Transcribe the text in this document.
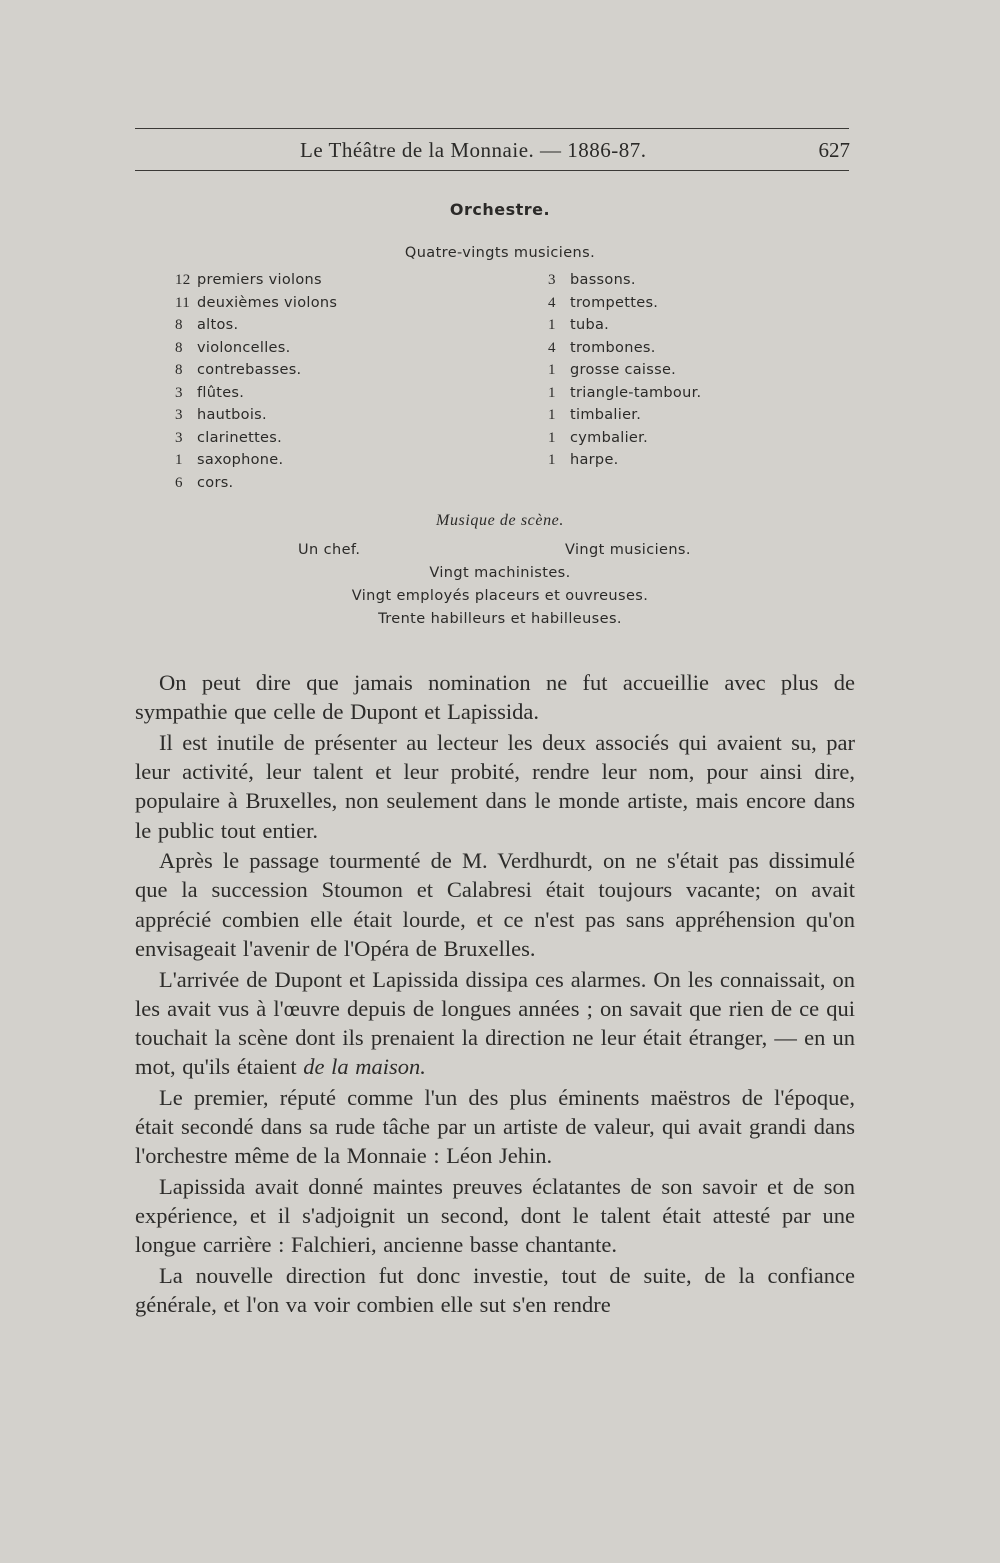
Le Théâtre de la Monnaie. — 1886-87.	627
Orchestre.
Quatre-vingts musiciens.
12 premiers violons
11 deuxièmes violons
8 altos.
8 violoncelles.
8 contrebasses.
3 flûtes.
3 hautbois.
3 clarinettes.
1 saxophone.
6 cors.
3 bassons.
4 trompettes.
1 tuba.
4 trombones.
1 grosse caisse.
1 triangle-tambour.
1 timbalier.
1 cymbalier.
1 harpe.
Musique de scène.
Un chef.	Vingt musiciens.
Vingt machinistes.
Vingt employés placeurs et ouvreuses.
Trente habilleurs et habilleuses.

On peut dire que jamais nomination ne fut accueillie avec plus de sympathie que celle de Dupont et Lapissida.

Il est inutile de présenter au lecteur les deux associés qui avaient su, par leur activité, leur talent et leur probité, rendre leur nom, pour ainsi dire, populaire à Bruxelles, non seulement dans le monde artiste, mais encore dans le public tout entier.

Après le passage tourmenté de M. Verdhurdt, on ne s'était pas dissimulé que la succession Stoumon et Calabresi était toujours vacante; on avait apprécié combien elle était lourde, et ce n'est pas sans appréhension qu'on envisageait l'avenir de l'Opéra de Bruxelles.

L'arrivée de Dupont et Lapissida dissipa ces alarmes. On les connaissait, on les avait vus à l'œuvre depuis de longues années ; on savait que rien de ce qui touchait la scène dont ils prenaient la direction ne leur était étranger, — en un mot, qu'ils étaient de la maison.

Le premier, réputé comme l'un des plus éminents maëstros de l'époque, était secondé dans sa rude tâche par un artiste de valeur, qui avait grandi dans l'orchestre même de la Monnaie : Léon Jehin.

Lapissida avait donné maintes preuves éclatantes de son savoir et de son expérience, et il s'adjoignit un second, dont le talent était attesté par une longue carrière : Falchieri, ancienne basse chantante.

La nouvelle direction fut donc investie, tout de suite, de la confiance générale, et l'on va voir combien elle sut s'en rendre
